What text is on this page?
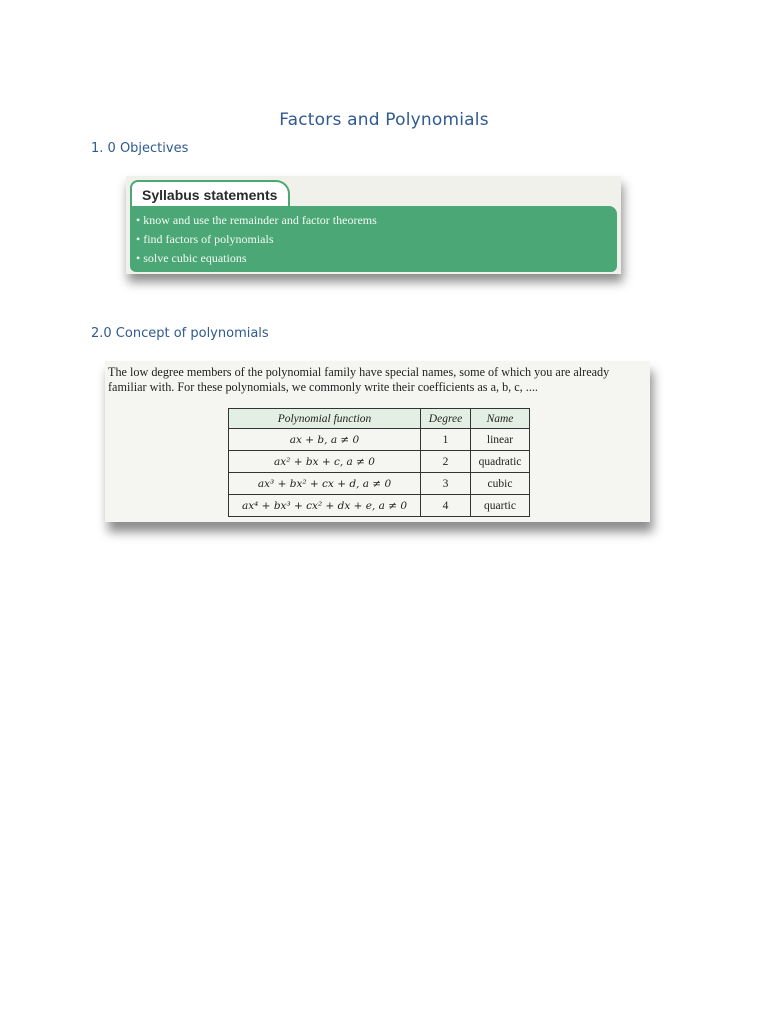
Factors and Polynomials
1. 0 Objectives
Syllabus statements
• know and use the remainder and factor theorems
• find factors of polynomials
• solve cubic equations
2.0 Concept of polynomials
The low degree members of the polynomial family have special names, some of which you are already
familiar with. For these polynomials, we commonly write their coefficients as a, b, c, ....
Polynomial function	Degree	Name
ax + b, a ≠ 0	1	linear
ax² + bx + c, a ≠ 0	2	quadratic
ax³ + bx² + cx + d, a ≠ 0	3	cubic
ax⁴ + bx³ + cx² + dx + e, a ≠ 0	4	quartic
